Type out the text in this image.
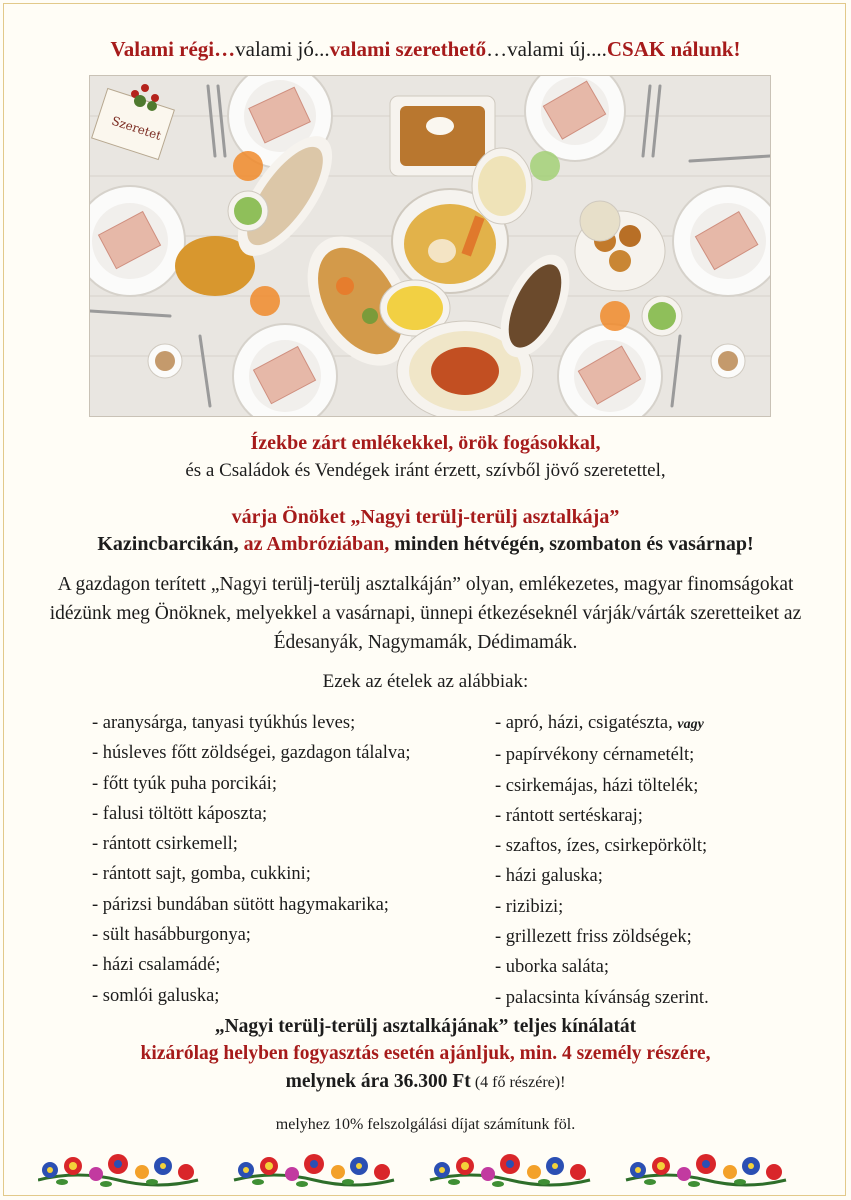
Valami régi…valami jó...valami szerethető…valami új....CSAK nálunk!
Szeretet
Ízekbe zárt emlékekkel, örök fogásokkal,
és a Családok és Vendégek iránt érzett, szívből jövő szeretettel,
várja Önöket „Nagyi terülj-terülj asztalkája”
Kazincbarcikán, az Ambróziában, minden hétvégén, szombaton és vasárnap!
A gazdagon terített „Nagyi terülj-terülj asztalkáján” olyan, emlékezetes, magyar finomságokat idézünk meg Önöknek, melyekkel a vasárnapi, ünnepi étkezéseknél várják/várták szeretteiket az Édesanyák, Nagymamák, Dédimamák.
Ezek az ételek az alábbiak:
- aranysárga, tanyasi tyúkhús leves;
- húsleves főtt zöldségei, gazdagon tálalva;
- főtt tyúk puha porcikái;
- falusi töltött káposzta;
- rántott csirkemell;
- rántott sajt, gomba, cukkini;
- párizsi bundában sütött hagymakarika;
- sült hasábburgonya;
- házi csalamádé;
- somlói galuska;
- apró, házi, csigatészta, vagy
- papírvékony cérnametélt;
- csirkemájas, házi töltelék;
- rántott sertéskaraj;
- szaftos, ízes, csirkepörkölt;
- házi galuska;
- rizibizi;
- grillezett friss zöldségek;
- uborka saláta;
- palacsinta kívánság szerint.
„Nagyi terülj-terülj asztalkájának” teljes kínálatát
kizárólag helyben fogyasztás esetén ajánljuk, min. 4 személy részére,
melynek ára 36.300 Ft (4 fő részére)!
melyhez 10% felszolgálási díjat számítunk föl.
